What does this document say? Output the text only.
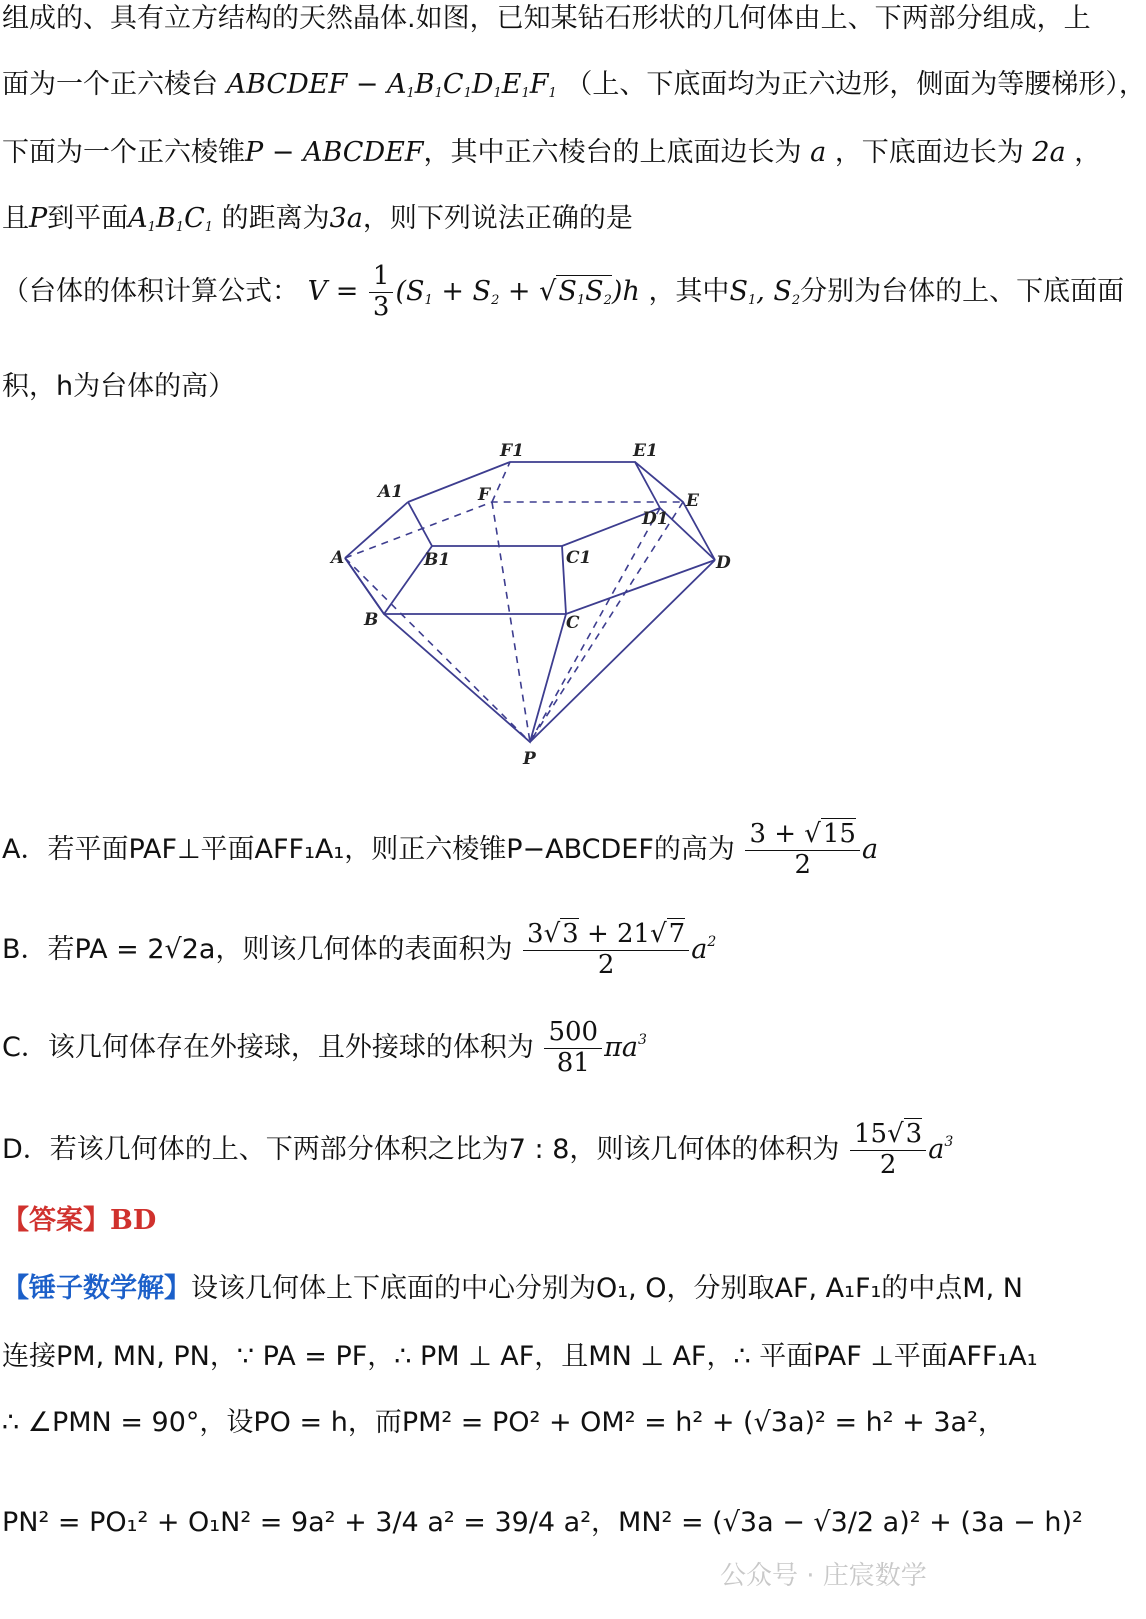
组成的、具有立方结构的天然晶体.如图，已知某钻石形状的几何体由上、下两部分组成，上
面为一个正六棱台 ABCDEF − $A_1B_1C_1D_1E_1F_1$ （上、下底面均为正六边形，侧面为等腰梯形），
下面为一个正六棱锥P − ABCDEF，其中正六棱台的上底面边长为 a ，下底面边长为 2a ，
且P到平面$A_1B_1C_1$ 的距离为3a，则下列说法正确的是
（台体的体积计算公式： $V = \frac{1}{3} (S_1 + S_2 + √S_1S_2)h$ ，其中$S_1$, $S_2$分别为台体的上、下底面面
积，h为台体的高）
F1	E1
A1	F	E
D1
A	B1	C1	D
B	C
P
A．若平面PAF⊥平面AFF₁A₁，则正六棱锥P−ABCDEF的高为 $\frac{3 + √15}{2}$ a
B．若PA = 2√2a，则该几何体的表面积为 $\frac{3√3 + 21√7}{2} a^2$
C．该几何体存在外接球，且外接球的体积为 $\frac{500}{81} \pi a^3$
D．若该几何体的上、下两部分体积之比为7 : 8，则该几何体的体积为 $\frac{15√3}{2} a^3$
【答案】BD
【锤子数学解】设该几何体上下底面的中心分别为O₁, O，分别取AF, A₁F₁的中点M, N
连接PM, MN, PN，∵ PA = PF，∴ PM ⊥ AF，且MN ⊥ AF，∴ 平面PAF ⊥平面AFF₁A₁
∴ ∠PMN = 90°，设PO = h，而PM² = PO² + OM² = h² + (√3a)² = h² + 3a²，
PN² = PO₁² + O₁N² = 9a² + 3/4 a² = 39/4 a²，MN² = (√3a − √3/2 a)² + (3a − h)²
公众号 · 庄宸数学
